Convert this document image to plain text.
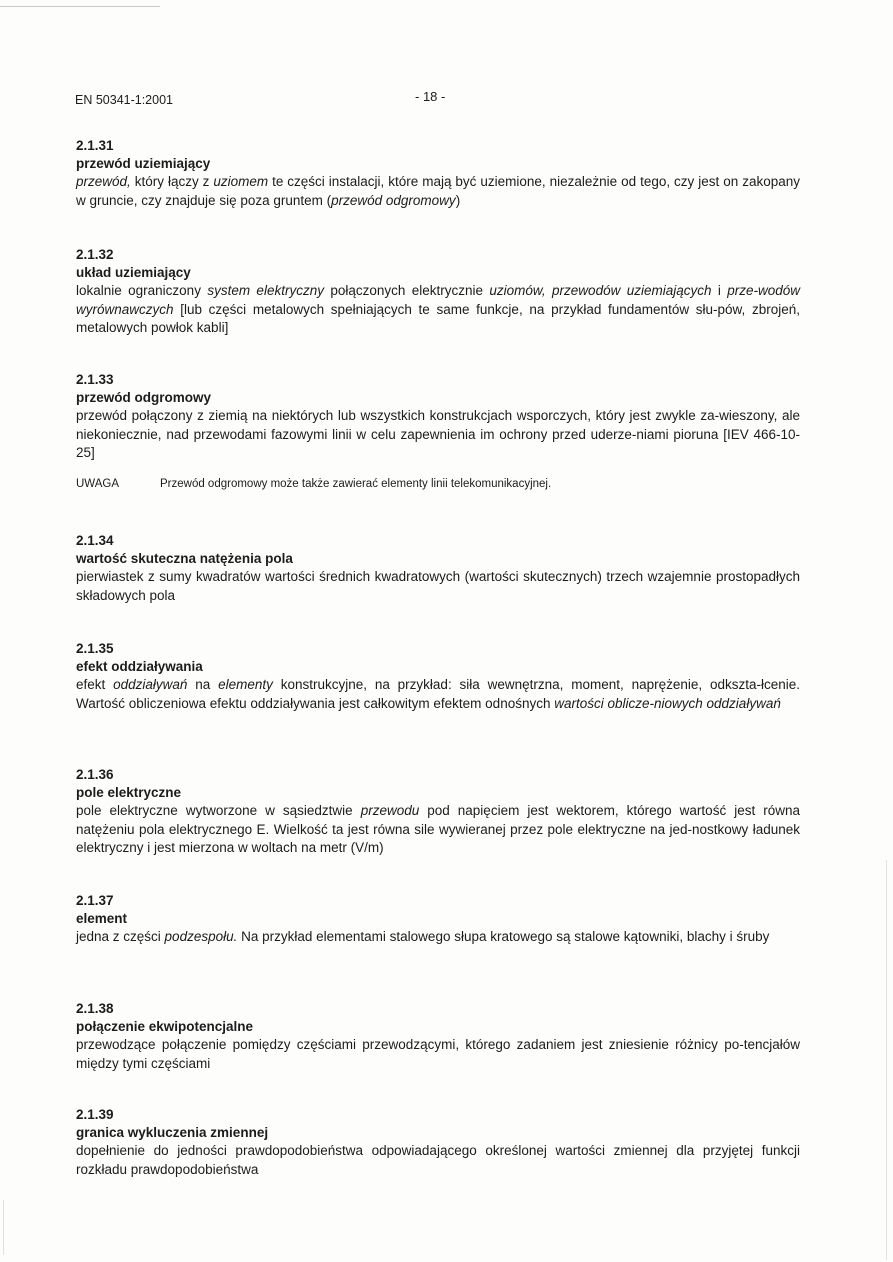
EN 50341-1:2001	- 18 -
2.1.31
przewód uziemiający
przewód, który łączy z uziomem te części instalacji, które mają być uziemione, niezależnie od tego, czy jest on zakopany w gruncie, czy znajduje się poza gruntem (przewód odgromowy)
2.1.32
układ uziemiający
lokalnie ograniczony system elektryczny połączonych elektrycznie uziomów, przewodów uziemiających i prze-wodów wyrównawczych [lub części metalowych spełniających te same funkcje, na przykład fundamentów słu-pów, zbrojeń, metalowych powłok kabli]
2.1.33
przewód odgromowy
przewód połączony z ziemią na niektórych lub wszystkich konstrukcjach wsporczych, który jest zwykle za-wieszony, ale niekoniecznie, nad przewodami fazowymi linii w celu zapewnienia im ochrony przed uderze-niami pioruna [IEV 466-10-25]
UWAGA	Przewód odgromowy może także zawierać elementy linii telekomunikacyjnej.
2.1.34
wartość skuteczna natężenia pola
pierwiastek z sumy kwadratów wartości średnich kwadratowych (wartości skutecznych) trzech wzajemnie prostopadłych składowych pola
2.1.35
efekt oddziaływania
efekt oddziaływań na elementy konstrukcyjne, na przykład: siła wewnętrzna, moment, naprężenie, odkszta-łcenie. Wartość obliczeniowa efektu oddziaływania jest całkowitym efektem odnośnych wartości oblicze-niowych oddziaływań
2.1.36
pole elektryczne
pole elektryczne wytworzone w sąsiedztwie przewodu pod napięciem jest wektorem, którego wartość jest równa natężeniu pola elektrycznego E. Wielkość ta jest równa sile wywieranej przez pole elektryczne na jed-nostkowy ładunek elektryczny i jest mierzona w woltach na metr (V/m)
2.1.37
element
jedna z części podzespołu. Na przykład elementami stalowego słupa kratowego są stalowe kątowniki, blachy i śruby
2.1.38
połączenie ekwipotencjalne
przewodzące połączenie pomiędzy częściami przewodzącymi, którego zadaniem jest zniesienie różnicy po-tencjałów między tymi częściami
2.1.39
granica wykluczenia zmiennej
dopełnienie do jedności prawdopodobieństwa odpowiadającego określonej wartości zmiennej dla przyjętej funkcji rozkładu prawdopodobieństwa
